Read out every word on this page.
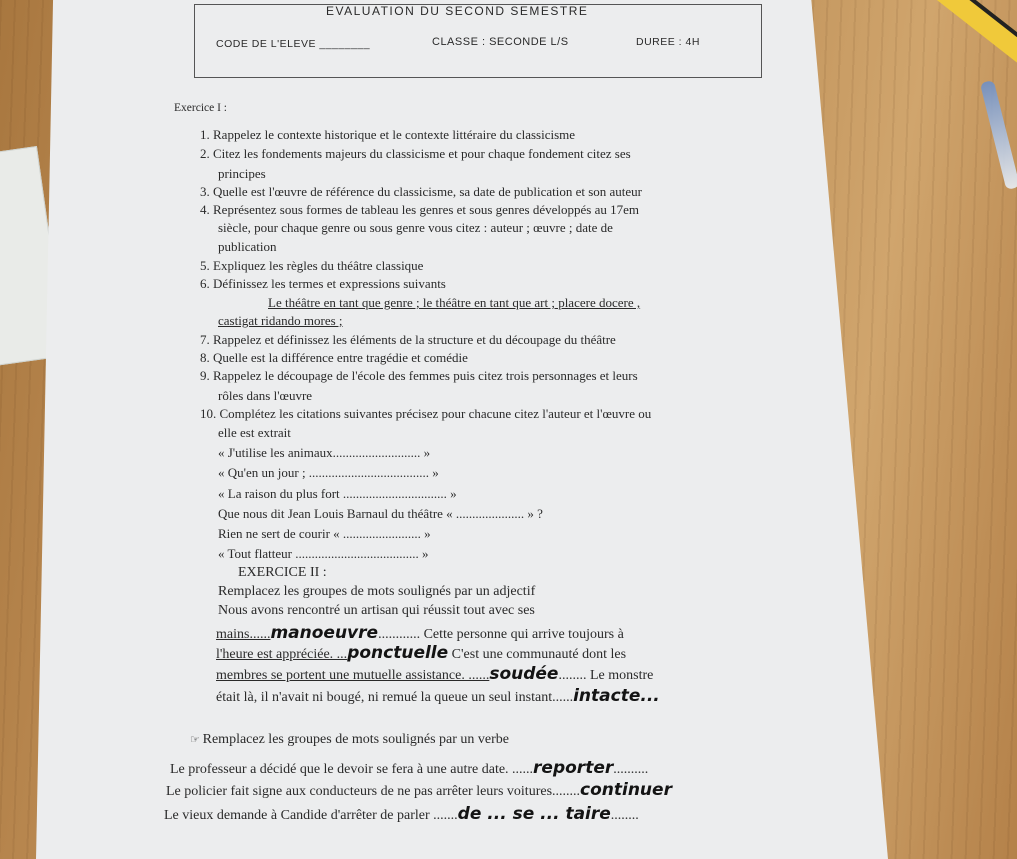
EVALUATION DU SECOND SEMESTRE
CODE DE L'ELEVE ________	CLASSE : SECONDE L/S	DUREE : 4H
Exercice I :
1. Rappelez le contexte historique et le contexte littéraire du classicisme
2. Citez les fondements majeurs du classicisme et pour chaque fondement citez ses
principes
3. Quelle est l'œuvre de référence du classicisme, sa date de publication et son auteur
4. Représentez sous formes de tableau les genres et sous genres développés au 17em
siècle, pour chaque genre ou sous genre vous citez : auteur ; œuvre ; date de
publication
5. Expliquez les règles du théâtre classique
6. Définissez les termes et expressions suivants
Le théâtre en tant que genre ; le théâtre en tant que art ; placere docere ,
castigat ridando mores ;
7. Rappelez et définissez les éléments de la structure et du découpage du théâtre
8. Quelle est la différence entre tragédie et comédie
9. Rappelez le découpage de l'école des femmes puis citez trois personnages et leurs
rôles dans l'œuvre
10. Complétez les citations suivantes précisez pour chacune citez l'auteur et l'œuvre ou
elle est extrait
« J'utilise les animaux........................... »
« Qu'en un jour ; ..................................... »
« La raison du plus fort ................................ »
Que nous dit Jean Louis Barnaul du théâtre « ..................... » ?
Rien ne sert de courir « ........................ »
« Tout flatteur ...................................... »
EXERCICE II :
Remplacez les groupes de mots soulignés par un adjectif
Nous avons rencontré un artisan qui réussit tout avec ses
mains......manoeuvre............ Cette personne qui arrive toujours à
l'heure est appréciée. ...ponctuelle C'est une communauté dont les
membres se portent une mutuelle assistance. ......soudée........ Le monstre
était là, il n'avait ni bougé, ni remué la queue un seul instant......intacte...
☞ Remplacez les groupes de mots soulignés par un verbe
Le professeur a décidé que le devoir se fera à une autre date. ......reporter..........
Le policier fait signe aux conducteurs de ne pas arrêter leurs voitures........continuer
Le vieux demande à Candide d'arrêter de parler .......de ... se ... taire........
